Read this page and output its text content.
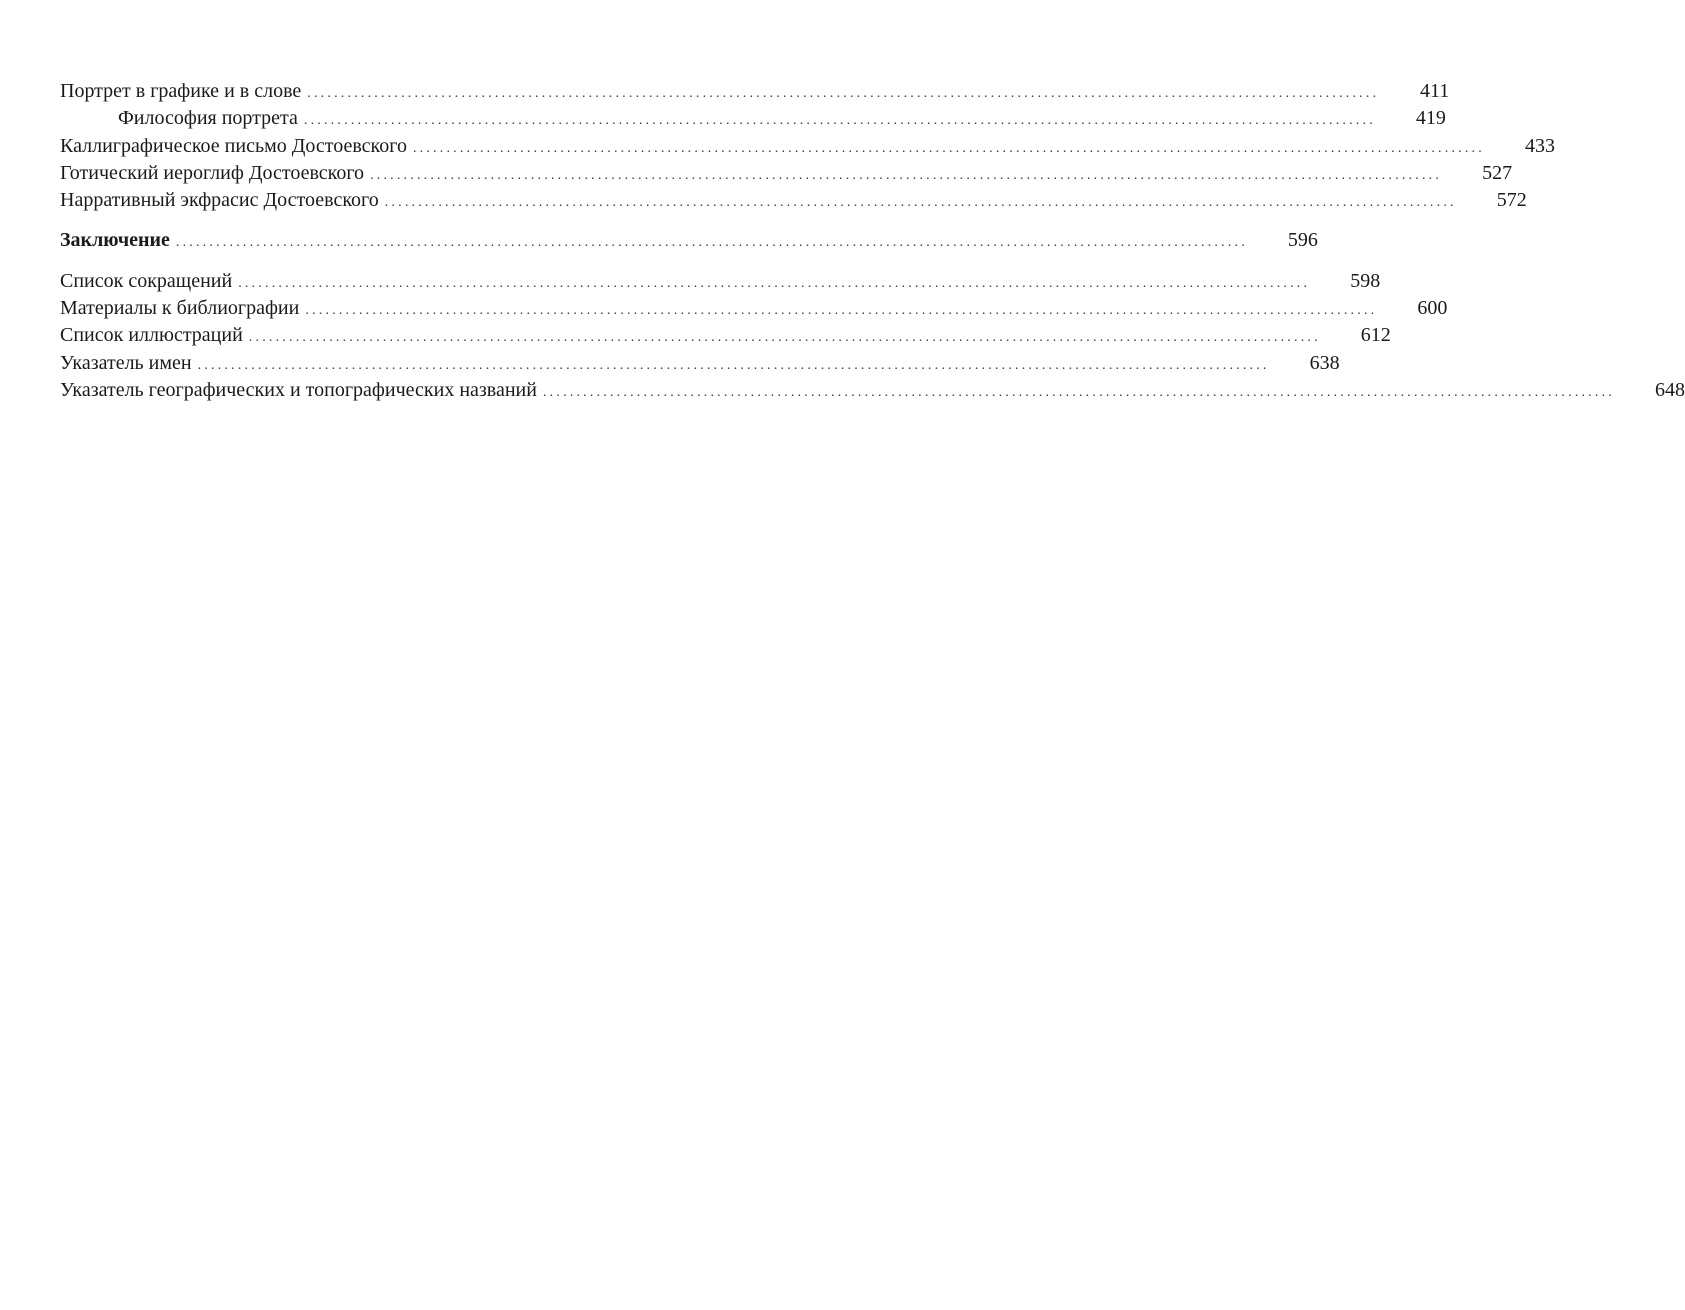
Портрет в графике и в слове ................................................................................................................................................................	411
Философия портрета ................................................................................................................................................................	419
Каллиграфическое письмо Достоевского ................................................................................................................................................................	433
Готический иероглиф Достоевского ................................................................................................................................................................	527
Нарративный экфрасис Достоевского ................................................................................................................................................................	572
Заключение ................................................................................................................................................................	596
Список сокращений ................................................................................................................................................................	598
Материалы к библиографии ................................................................................................................................................................	600
Список иллюстраций ................................................................................................................................................................	612
Указатель имен ................................................................................................................................................................	638
Указатель географических и топографических названий ................................................................................................................................................................	648
